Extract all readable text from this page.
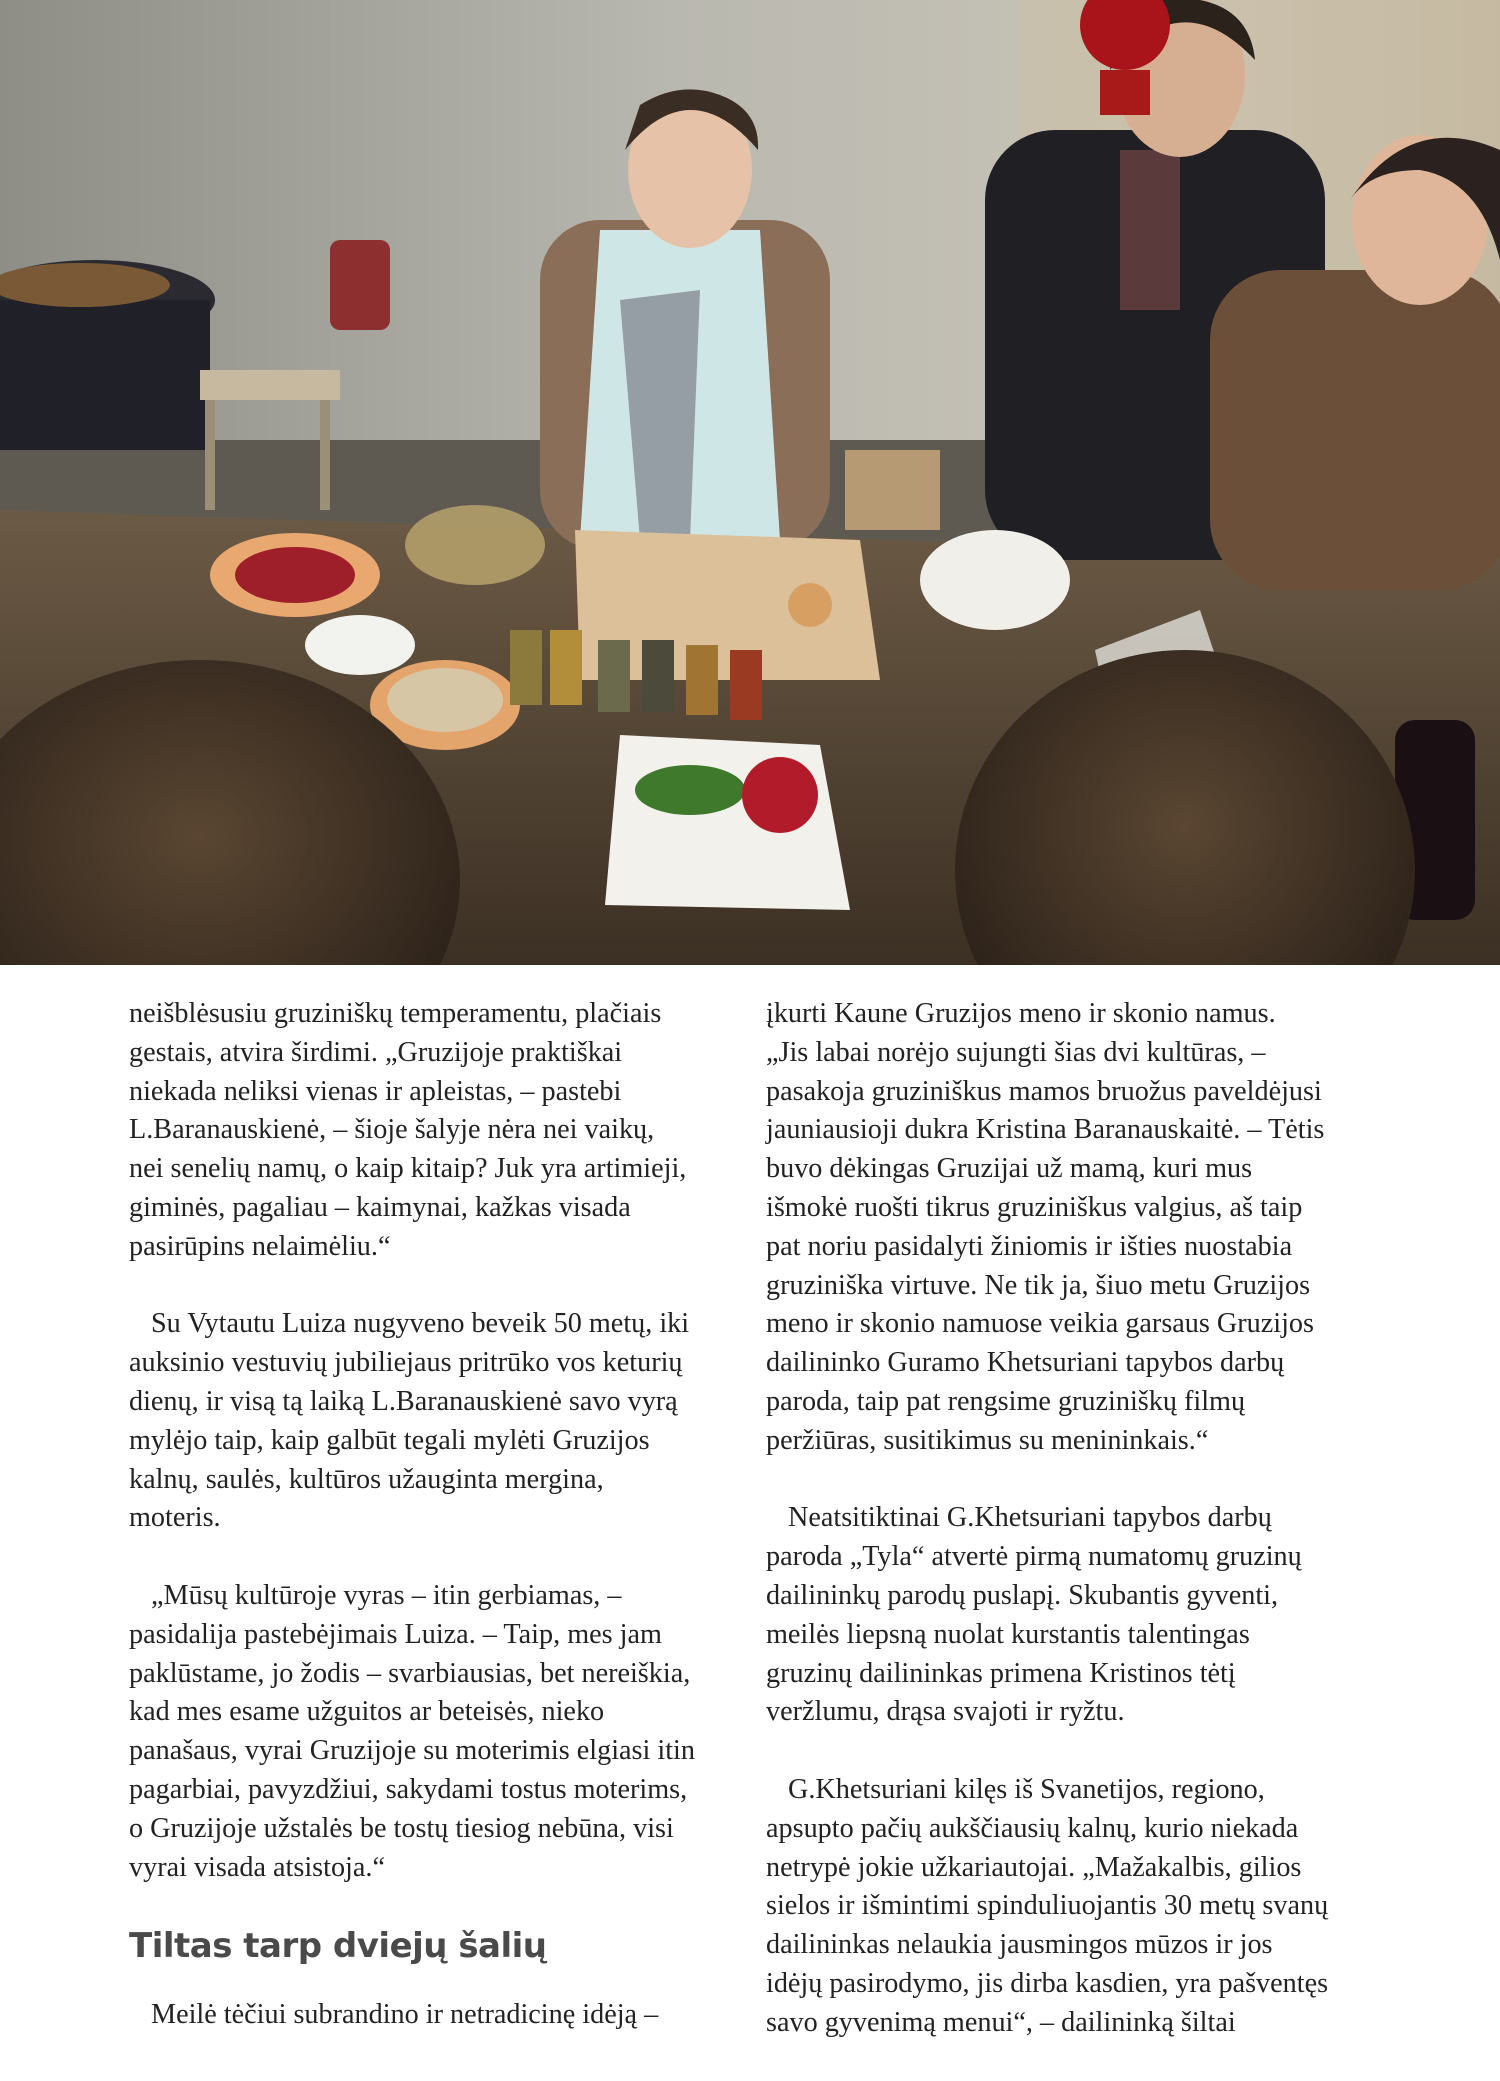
neišblėsusiu gruziniškų temperamentu, plačiais
gestais, atvira širdimi. „Gruzijoje praktiškai
niekada neliksi vienas ir apleistas, – pastebi
L.Baranauskienė, – šioje šalyje nėra nei vaikų,
nei senelių namų, o kaip kitaip? Juk yra artimieji,
giminės, pagaliau – kaimynai, kažkas visada
pasirūpins nelaimėliu.“

Su Vytautu Luiza nugyveno beveik 50 metų, iki
auksinio vestuvių jubiliejaus pritrūko vos keturių
dienų, ir visą tą laiką L.Baranauskienė savo vyrą
mylėjo taip, kaip galbūt tegali mylėti Gruzijos
kalnų, saulės, kultūros užauginta mergina,
moteris.

„Mūsų kultūroje vyras – itin gerbiamas, –
pasidalija pastebėjimais Luiza. – Taip, mes jam
paklūstame, jo žodis – svarbiausias, bet nereiškia,
kad mes esame užguitos ar beteisės, nieko
panašaus, vyrai Gruzijoje su moterimis elgiasi itin
pagarbiai, pavyzdžiui, sakydami tostus moterims,
o Gruzijoje užstalės be tostų tiesiog nebūna, visi
vyrai visada atsistoja.“

Tiltas tarp dviejų šalių

Meilė tėčiui subrandino ir netradicinę idėją –

įkurti Kaune Gruzijos meno ir skonio namus.
„Jis labai norėjo sujungti šias dvi kultūras, –
pasakoja gruziniškus mamos bruožus paveldėjusi
jauniausioji dukra Kristina Baranauskaitė. – Tėtis
buvo dėkingas Gruzijai už mamą, kuri mus
išmokė ruošti tikrus gruziniškus valgius, aš taip
pat noriu pasidalyti žiniomis ir išties nuostabia
gruziniška virtuve. Ne tik ja, šiuo metu Gruzijos
meno ir skonio namuose veikia garsaus Gruzijos
dailininko Guramo Khetsuriani tapybos darbų
paroda, taip pat rengsime gruziniškų filmų
peržiūras, susitikimus su menininkais.“

Neatsitiktinai G.Khetsuriani tapybos darbų
paroda „Tyla“ atvertė pirmą numatomų gruzinų
dailininkų parodų puslapį. Skubantis gyventi,
meilės liepsną nuolat kurstantis talentingas
gruzinų dailininkas primena Kristinos tėtį
veržlumu, drąsa svajoti ir ryžtu.

G.Khetsuriani kilęs iš Svanetijos, regiono,
apsupto pačių aukščiausių kalnų, kurio niekada
netrypė jokie užkariautojai. „Mažakalbis, gilios
sielos ir išmintimi spinduliuojantis 30 metų svanų
dailininkas nelaukia jausmingos mūzos ir jos
idėjų pasirodymo, jis dirba kasdien, yra pašventęs
savo gyvenimą menui“, – dailininką šiltai
